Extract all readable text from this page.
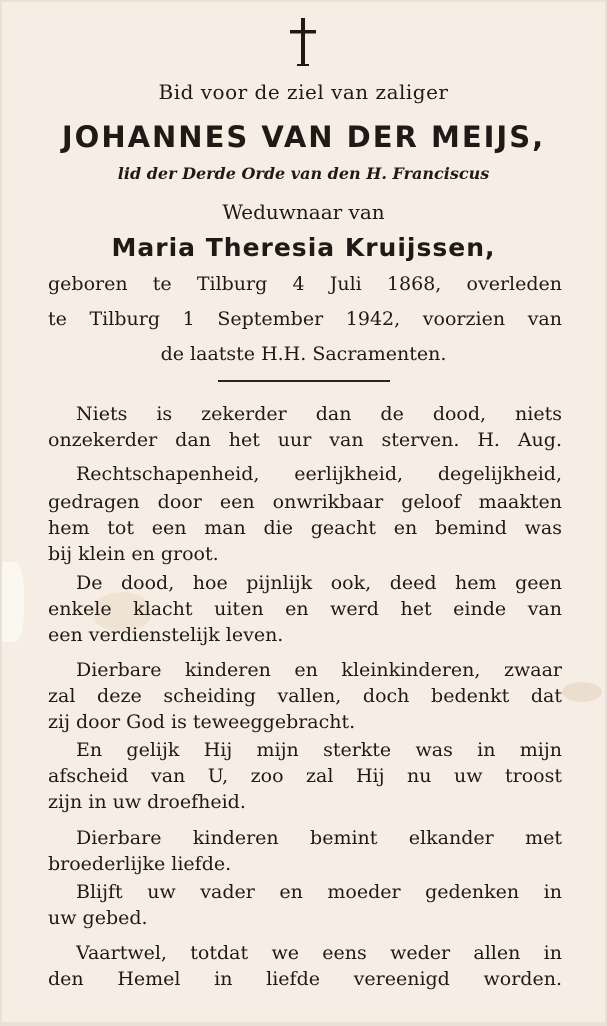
Bid voor de ziel van zaliger
JOHANNES VAN DER MEIJS,
lid der Derde Orde van den H. Franciscus
Weduwnaar van
Maria Theresia Kruijssen,
geboren te Tilburg 4 Juli 1868, overleden
te Tilburg 1 September 1942, voorzien van
de laatste H.H. Sacramenten.
Niets is zekerder dan de dood, niets
onzekerder dan het uur van sterven. H. Aug.
Rechtschapenheid, eerlijkheid, degelijkheid,
gedragen door een onwrikbaar geloof maakten
hem tot een man die geacht en bemind was
bij klein en groot.
De dood, hoe pijnlijk ook, deed hem geen
enkele klacht uiten en werd het einde van
een verdienstelijk leven.
Dierbare kinderen en kleinkinderen, zwaar
zal deze scheiding vallen, doch bedenkt dat
zij door God is teweeggebracht.
En gelijk Hij mijn sterkte was in mijn
afscheid van U, zoo zal Hij nu uw troost
zijn in uw droefheid.
Dierbare kinderen bemint elkander met
broederlijke liefde.
Blijft uw vader en moeder gedenken in
uw gebed.
Vaartwel, totdat we eens weder allen in
den Hemel in liefde vereenigd worden.
